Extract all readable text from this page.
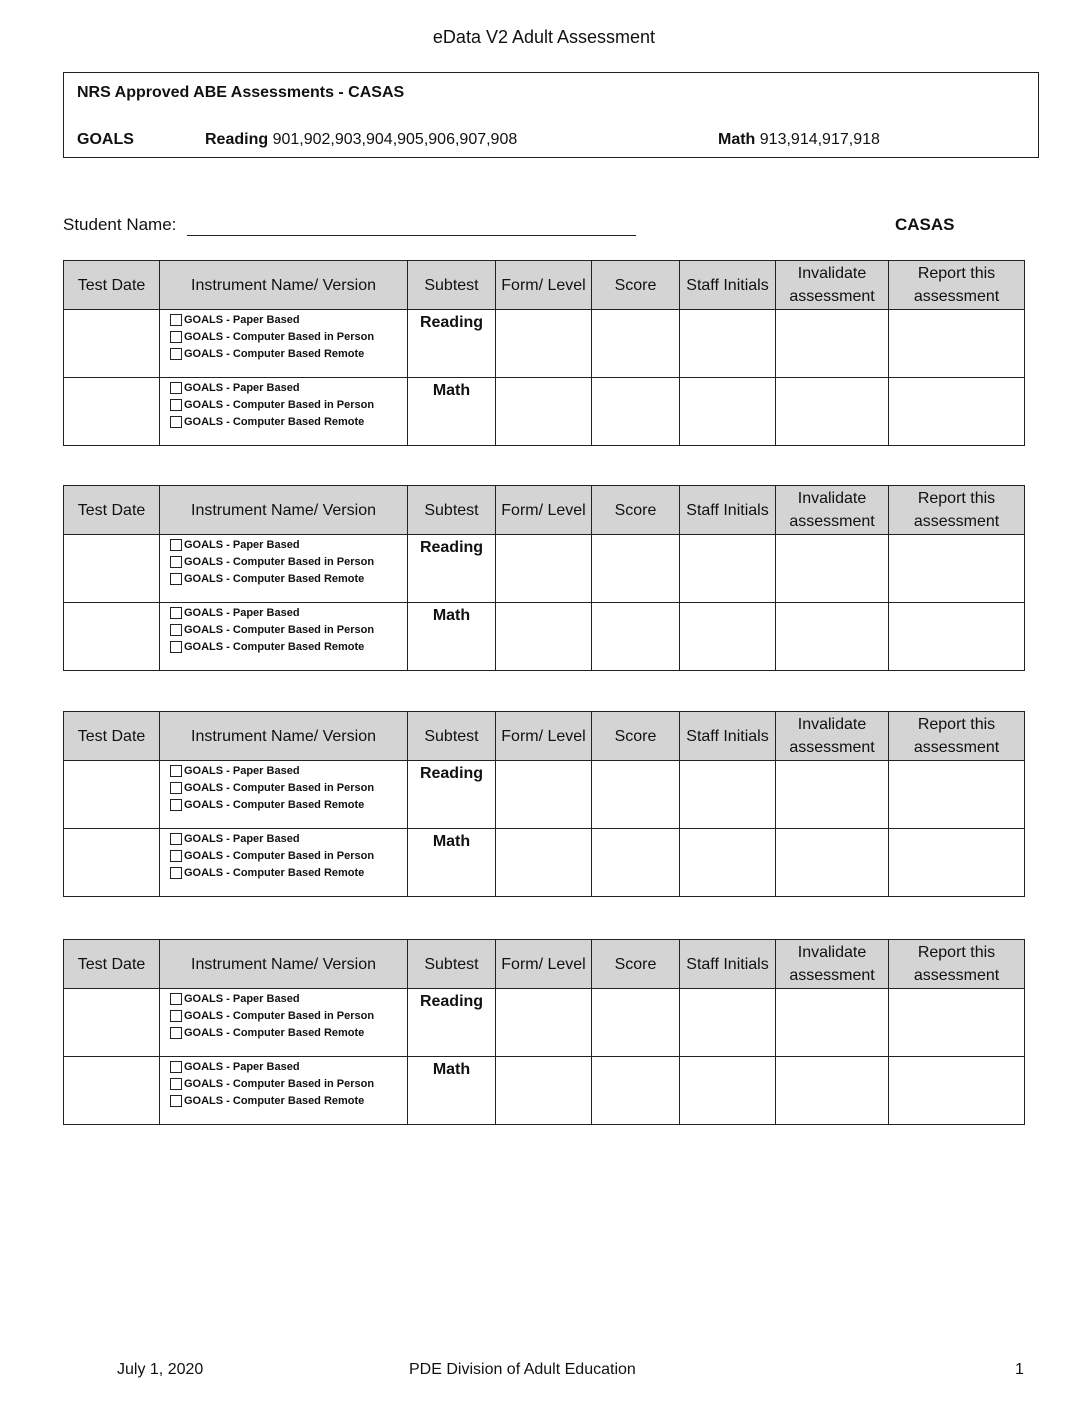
eData V2 Adult Assessment
NRS Approved ABE Assessments - CASAS
GOALS	Reading 901,902,903,904,905,906,907,908	Math 913,914,917,918
Student Name:	CASAS
Test Date	Instrument Name/ Version	Subtest	Form/ Level	Score	Staff Initials	Invalidate assessment	Report this assessment

	GOALS - Paper Based
GOALS - Computer Based in Person
GOALS - Computer Based Remote	Reading					

	GOALS - Paper Based
GOALS - Computer Based in Person
GOALS - Computer Based Remote	Math					
Test Date	Instrument Name/ Version	Subtest	Form/ Level	Score	Staff Initials	Invalidate assessment	Report this assessment

	GOALS - Paper Based
GOALS - Computer Based in Person
GOALS - Computer Based Remote	Reading					

	GOALS - Paper Based
GOALS - Computer Based in Person
GOALS - Computer Based Remote	Math					
Test Date	Instrument Name/ Version	Subtest	Form/ Level	Score	Staff Initials	Invalidate assessment	Report this assessment

	GOALS - Paper Based
GOALS - Computer Based in Person
GOALS - Computer Based Remote	Reading					

	GOALS - Paper Based
GOALS - Computer Based in Person
GOALS - Computer Based Remote	Math					
Test Date	Instrument Name/ Version	Subtest	Form/ Level	Score	Staff Initials	Invalidate assessment	Report this assessment

	GOALS - Paper Based
GOALS - Computer Based in Person
GOALS - Computer Based Remote	Reading					

	GOALS - Paper Based
GOALS - Computer Based in Person
GOALS - Computer Based Remote	Math					
July 1, 2020	PDE Division of Adult Education	1
